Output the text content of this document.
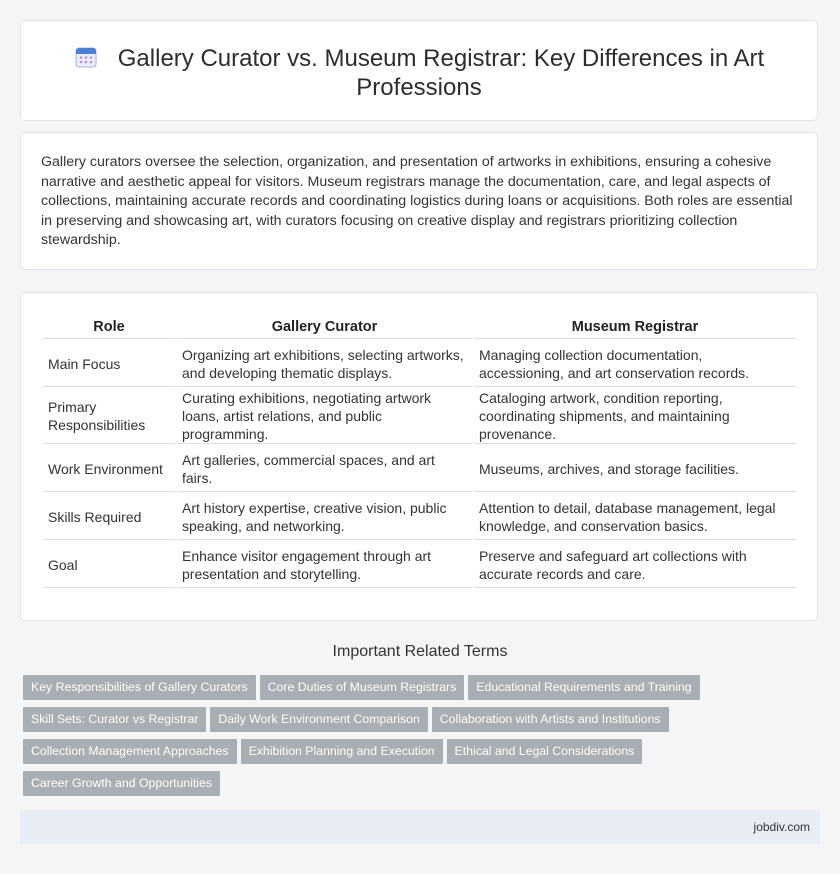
Gallery Curator vs. Museum Registrar: Key Differences in Art Professions
Gallery curators oversee the selection, organization, and presentation of artworks in exhibitions, ensuring a cohesive narrative and aesthetic appeal for visitors. Museum registrars manage the documentation, care, and legal aspects of collections, maintaining accurate records and coordinating logistics during loans or acquisitions. Both roles are essential in preserving and showcasing art, with curators focusing on creative display and registrars prioritizing collection stewardship.
Role	Gallery Curator	Museum Registrar
Main Focus	Organizing art exhibitions, selecting artworks, and developing thematic displays.	Managing collection documentation, accessioning, and art conservation records.
Primary Responsibilities	Curating exhibitions, negotiating artwork loans, artist relations, and public programming.	Cataloging artwork, condition reporting, coordinating shipments, and maintaining provenance.
Work Environment	Art galleries, commercial spaces, and art fairs.	Museums, archives, and storage facilities.
Skills Required	Art history expertise, creative vision, public speaking, and networking.	Attention to detail, database management, legal knowledge, and conservation basics.
Goal	Enhance visitor engagement through art presentation and storytelling.	Preserve and safeguard art collections with accurate records and care.
Important Related Terms
Key Responsibilities of Gallery Curators Core Duties of Museum Registrars Educational Requirements and Training
Skill Sets: Curator vs Registrar Daily Work Environment Comparison Collaboration with Artists and Institutions
Collection Management Approaches Exhibition Planning and Execution Ethical and Legal Considerations
Career Growth and Opportunities
jobdiv.com
